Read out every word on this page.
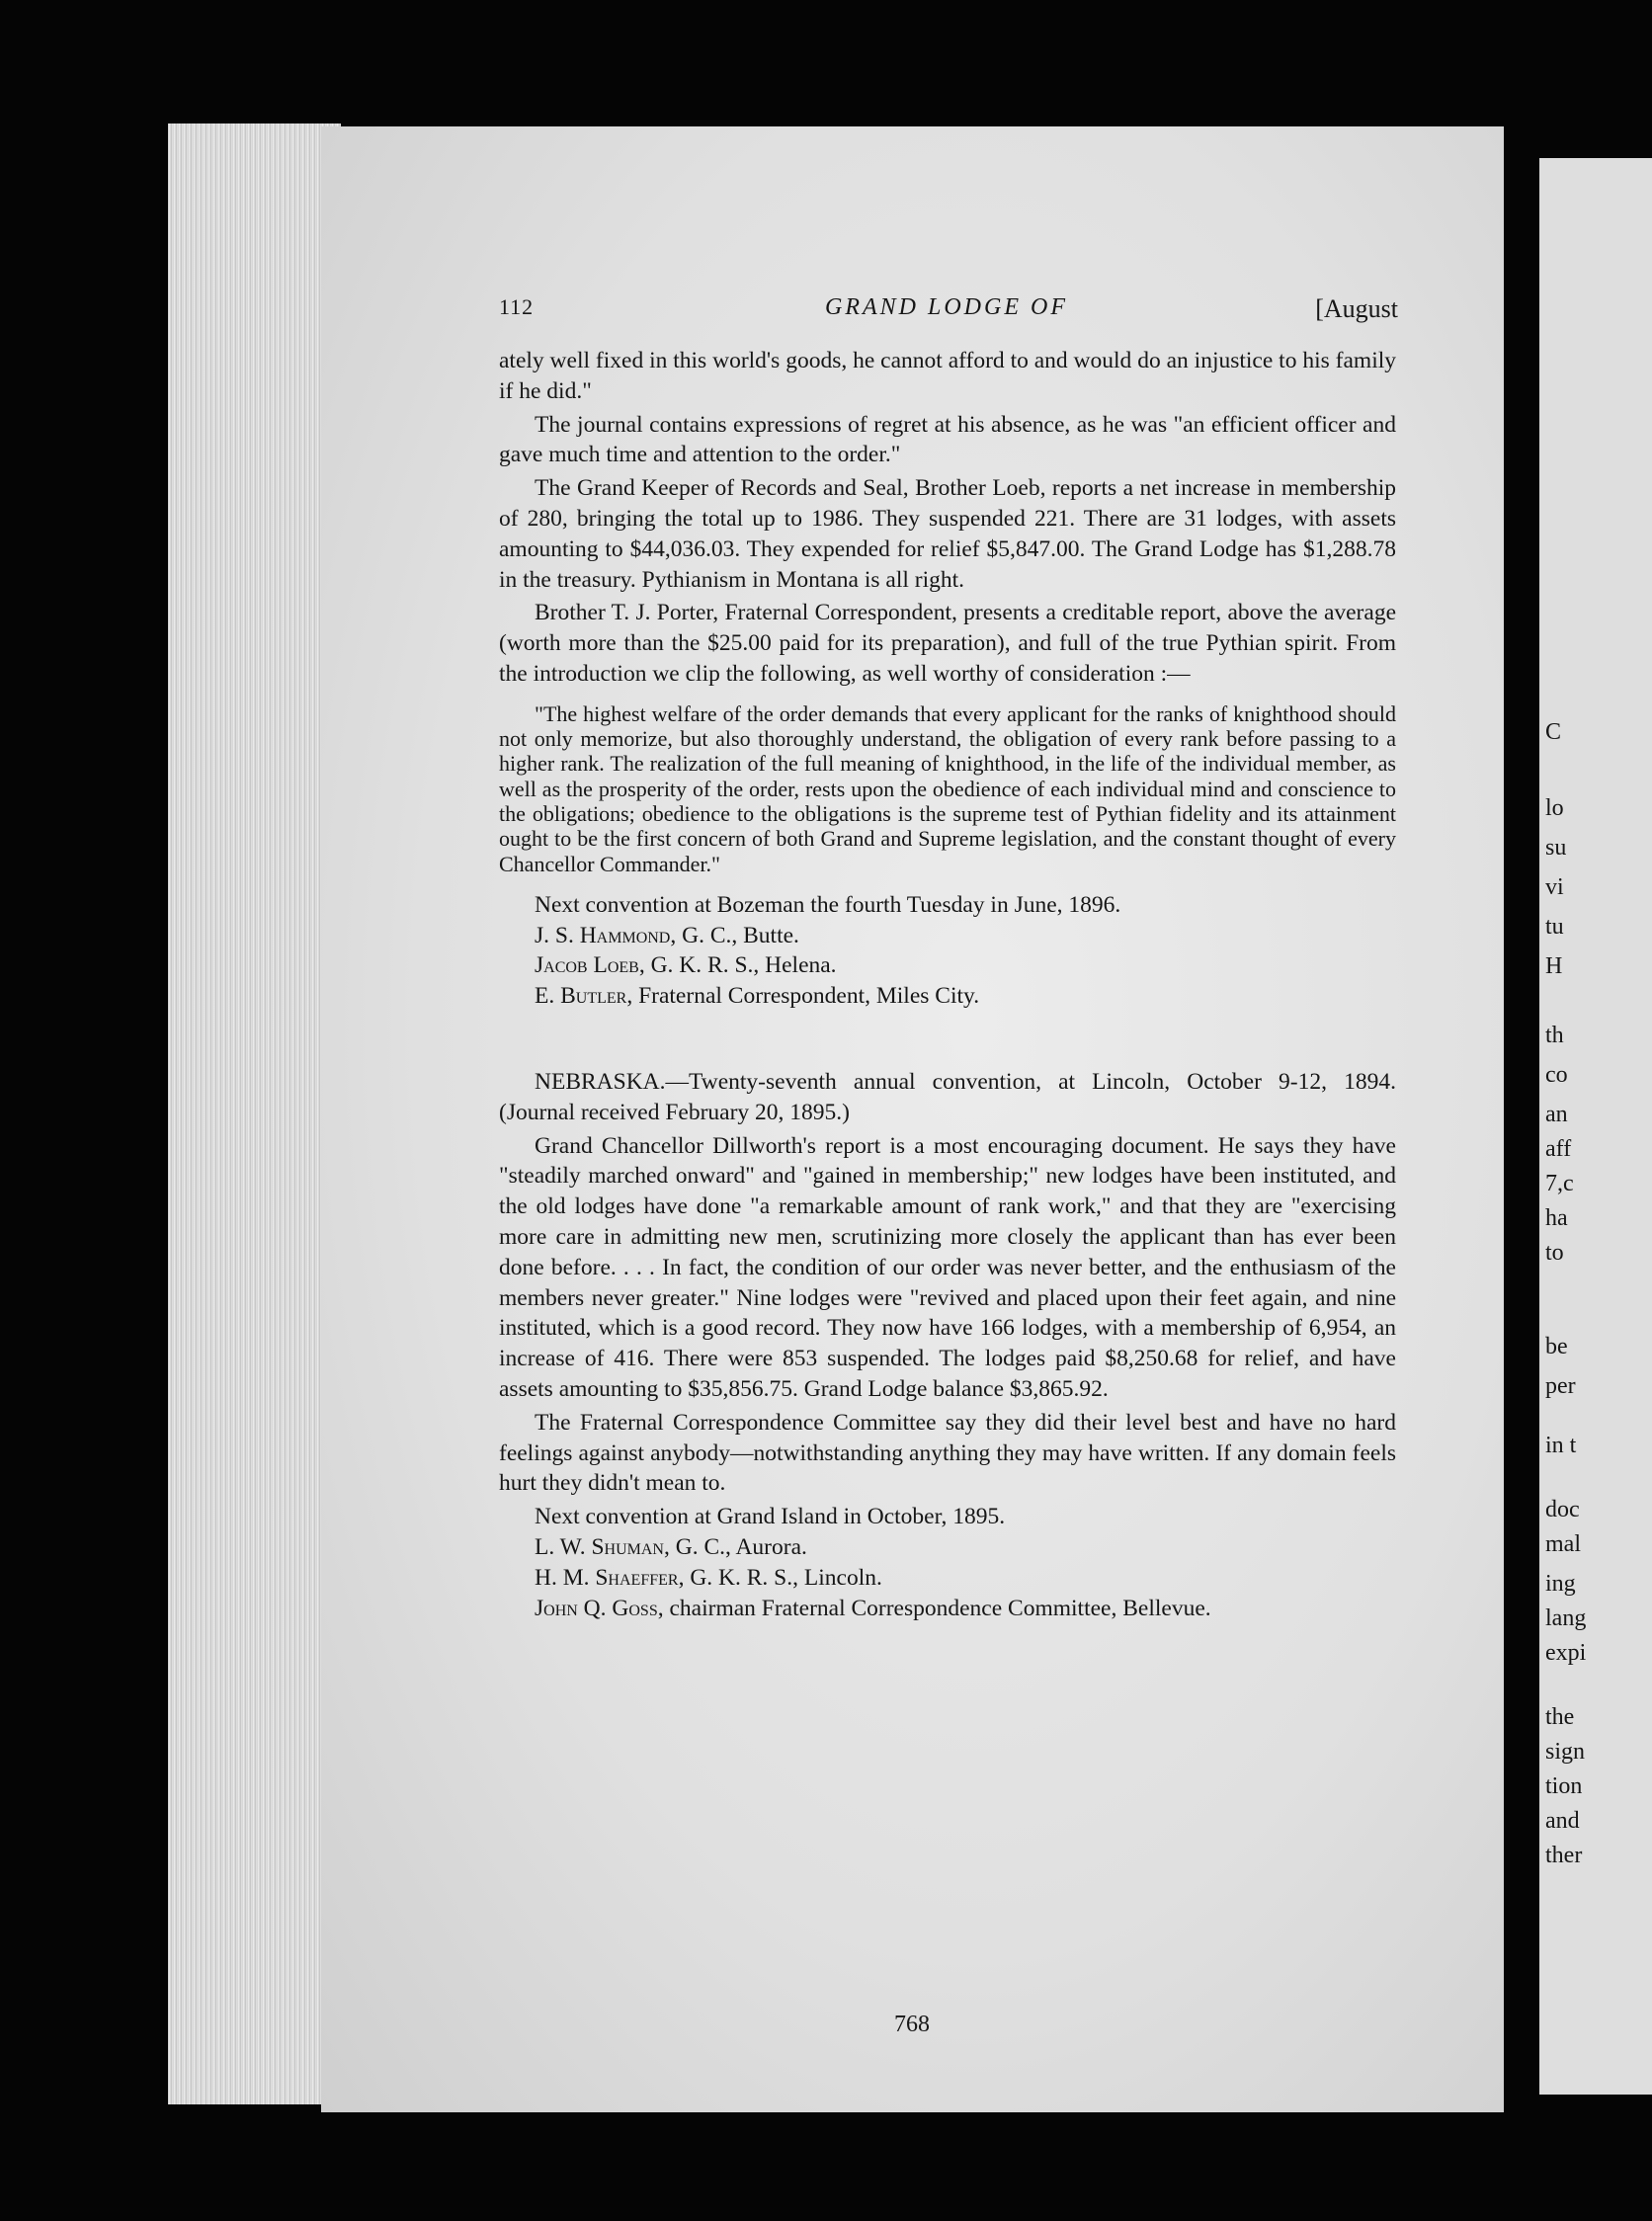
112	GRAND LODGE OF	[August

ately well fixed in this world's goods, he cannot afford to and would do an injustice to his family if he did."

The journal contains expressions of regret at his absence, as he was "an efficient officer and gave much time and attention to the order."

The Grand Keeper of Records and Seal, Brother Loeb, reports a net increase in membership of 280, bringing the total up to 1986. They suspended 221. There are 31 lodges, with assets amounting to $44,036.03. They expended for relief $5,847.00. The Grand Lodge has $1,288.78 in the treasury. Pythianism in Montana is all right.

Brother T. J. Porter, Fraternal Correspondent, presents a creditable report, above the average (worth more than the $25.00 paid for its preparation), and full of the true Pythian spirit. From the introduction we clip the following, as well worthy of consideration :—

"The highest welfare of the order demands that every applicant for the ranks of knighthood should not only memorize, but also thoroughly understand, the obligation of every rank before passing to a higher rank. The realization of the full meaning of knighthood, in the life of the individual member, as well as the prosperity of the order, rests upon the obedience of each individual mind and conscience to the obligations; obedience to the obligations is the supreme test of Pythian fidelity and its attainment ought to be the first concern of both Grand and Supreme legislation, and the constant thought of every Chancellor Commander."

Next convention at Bozeman the fourth Tuesday in June, 1896.

J. S. Hammond, G. C., Butte.

Jacob Loeb, G. K. R. S., Helena.

E. Butler, Fraternal Correspondent, Miles City.

NEBRASKA.—Twenty-seventh annual convention, at Lincoln, October 9-12, 1894. (Journal received February 20, 1895.)

Grand Chancellor Dillworth's report is a most encouraging document. He says they have "steadily marched onward" and "gained in membership;" new lodges have been instituted, and the old lodges have done "a remarkable amount of rank work," and that they are "exercising more care in admitting new men, scrutinizing more closely the applicant than has ever been done before. . . . In fact, the condition of our order was never better, and the enthusiasm of the members never greater." Nine lodges were "revived and placed upon their feet again, and nine instituted, which is a good record. They now have 166 lodges, with a membership of 6,954, an increase of 416. There were 853 suspended. The lodges paid $8,250.68 for relief, and have assets amounting to $35,856.75. Grand Lodge balance $3,865.92.

The Fraternal Correspondence Committee say they did their level best and have no hard feelings against anybody—notwithstanding anything they may have written. If any domain feels hurt they didn't mean to.

Next convention at Grand Island in October, 1895.

L. W. Shuman, G. C., Aurora.

H. M. Shaeffer, G. K. R. S., Lincoln.

John Q. Goss, chairman Fraternal Correspondence Committee, Bellevue.

768
C
lo
su
vi
tu
H
th
co
an
aff
7,c
ha
to
be
per
in t
doc
mal
ing
lang
expi
the
sign
tion
and
ther
